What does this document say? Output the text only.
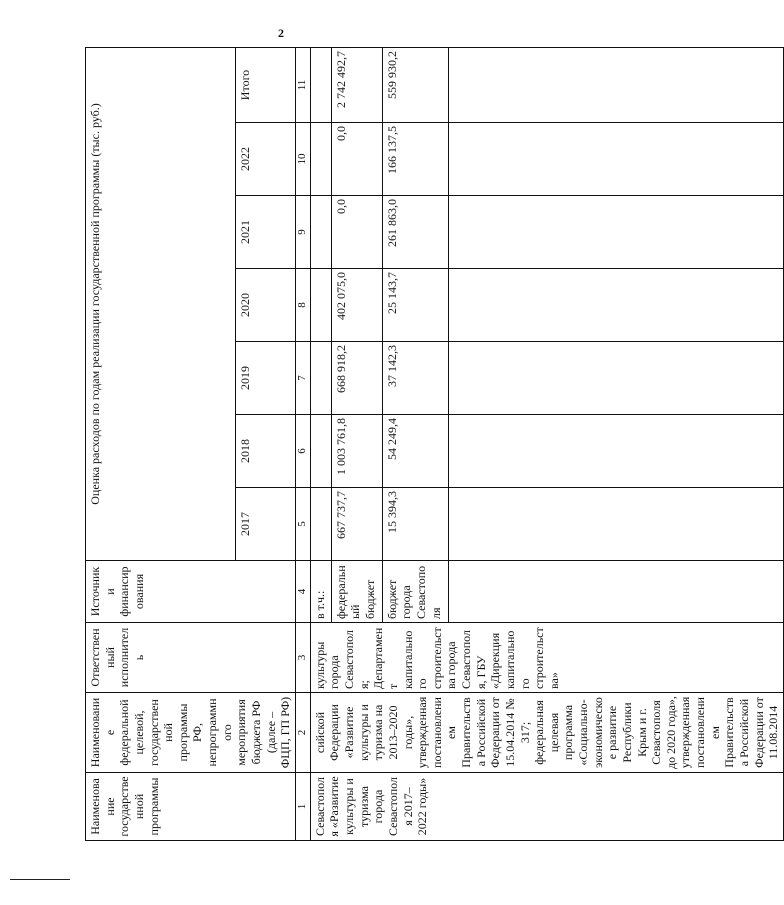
2
Наименование государственной программы	Наименование федеральной целевой, государственной программы РФ, непрограммного мероприятия бюджета РФ (далее – ФЦП, ГП РФ)	Ответственный исполнитель	Источники финансирования	Оценка расходов по годам реализации государственной программы (тыс. руб.)						
				2017	2018	2019	2020	2021	2022	Итого
1	2	3	4	5	6	7	8	9	10	11
Севастополя «Развитие культуры и туризма города Севастополя 2017–2022 годы»	сийской Федерации «Развитие культуры и туризма на 2013–2020 годы», утвержденная постановлением Правительства Российской Федерации от 15.04.2014 № 317; федеральная целевая программа «Социально-экономическое развитие Республики Крым и г. Севастополя до 2020 года», утвержденная постановлением Правительства Российской Федерации от 11.08.2014	культуры города Севастополя; Департамент капитального строительства города Севастополя, ГБУ «Дирекция капитального строительства»	в т.ч.:							
			федеральный бюджет	667 737,7	1 003 761,8	668 918,2	402 075,0	0,0	0,0	2 742 492,7
			бюджет города Севастополя	15 394,3	54 249,4	37 142,3	25 143,7	261 863,0	166 137,5	559 930,2
